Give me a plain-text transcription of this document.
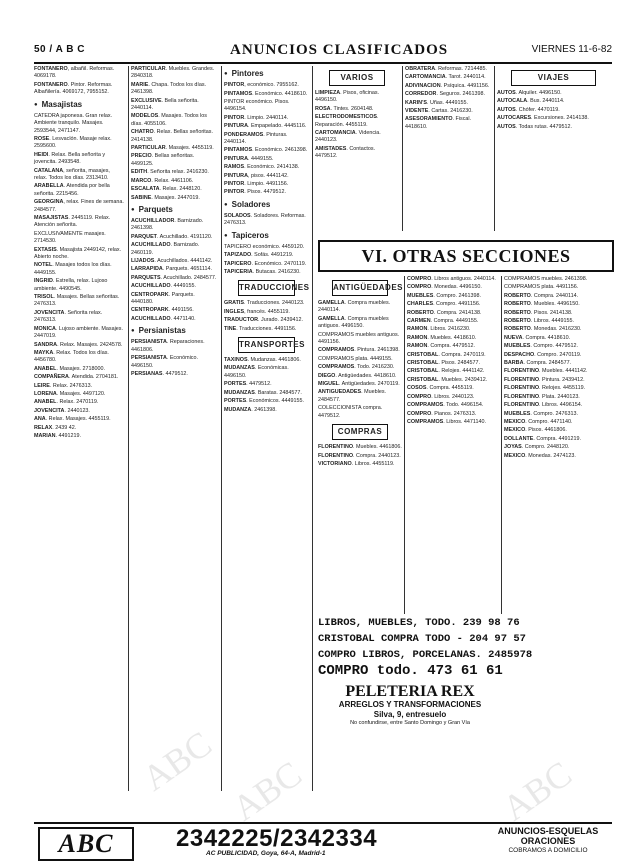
50 / A B C	ANUNCIOS CLASIFICADOS	VIERNES 11-6-82

FONTANERO, albañil. Reformas. 4069178.

FONTANERO. Pintor. Reformas. Albañilería. 4069172, 7955152.

● Masajistas

CATEDRA japonesa. Gran relax. Ambiente tranquilo. Masajes. 2593544, 2471147.

ROSE. Lesvaclón. Masaje relax. 2595600.

HEIDI. Relax. Bella señorita y jovencita. 2493548.

CATALANA, señorita, masajes, relax. Todos los días. 2313410.

ARABELLA. Atendida por bella señorita. 2215456.

GEORGINA, relax. Fines de semana. 2484577.

MASAJISTAS. 2445119. Relax. Atención señorita.

EXCLUSIVAMENTE masajes. 2714530.

EXTASIS. Masajista 2449142, relax. Abierto noche.

NOTEL. Masajes todos los días. 4449155.

INGRID. Estrella, relax. Lujoso ambiente. 4490545.

TRISOL. Masajes. Bellas señoritas. 2476313.

JOVENCITA. Señorita relax. 2476313.

MONICA. Lujoso ambiente. Masajes. 2447019.

SANDRA. Relax. Masajes. 2424578.

MAYKA. Relax. Todos los días. 4456780.

ANABEL. Masajes. 2718000.

COMPAÑERA. Atendida. 2704181.

LEIRE. Relax. 2476313.

LORENA. Masajes. 4497120.

ANABEL. Relax. 2470119.

JOVENCITA. 2440123.

ANA. Relax. Masajes. 4455119.

RELAX. 2439 42.

MARIAN. 4491219.

PARTICULAR. Muebles. Grandes. 2840318.

MARIE. Chapa. Todos los días. 2461398.

EXCLUSIVE. Bella señorita. 2440114.

MODELOS. Masajes. Todos los días. 4055106.

CHATRO. Relax. Bellas señoritas. 2414138.

PARTICULAR. Masajes. 4455119.

PRECIO. Bellas señoritas. 4499125.

EDITH. Señorita relax. 2416230.

MARCO. Relax. 4461106.

ESCALATA. Relax. 2448120.

SABINE. Masajes. 2447019.

● Parquets

ACUCHILLADOR. Barnizado. 2461398.

PARQUET. Acuchillado. 4191120.

ACUCHILLADO. Barnizado. 2460119.

LIJADOS. Acuchillados. 4441142.

LARRAPIDA. Parquets. 4651114.

PARQUETS. Acuchillado. 2484577.

ACUCHILLADO. 4449155.

CENTROPARK. Parquets. 4440180.

CENTROPARK. 4491156.

ACUCHILLADO. 4471140.

● Persianistas

PERSIANISTA. Reparaciones. 4461806.

PERSIANISTA. Económico. 4496150.

PERSIANAS. 4479512.

● Pintores

PINTOR, económico. 7955162.

PINTAMOS. Económico. 4418610.

PINTOR económico. Pisos. 4496154.

PINTOR. Limpio. 2440114.

PINTURA. Empapelado. 4445116.

PONDERAMOS. Pinturas. 2440114.

PINTAMOS. Económico. 2461398.

PINTURA. 4449155.

RAMOS. Económico. 2414138.

PINTURA, pisos. 4441142.

PINTOR. Limpio. 4491156.

PINTOR. Pisos. 4479512.

● Soladores

SOLADOS. Soladores. Reformas. 2476313.

● Tapiceros

TAPICERO económico. 4459120.

TAPIZADO. Sofás. 4491219.

TAPICERO. Económico. 2470119.

TAPICERIA. Butacas. 2416230.

TRADUCCIONES

GRATIS. Traducciones. 2440123.

INGLES, francés. 4455119.

TRADUCTOR. Jurado. 2439412.

TINE. Traducciones. 4491156.

TRANSPORTES

TAXINOS. Mudanzas. 4461806.

MUDANZAS. Económicas. 4496150.

PORTES. 4479512.

MUDANZAS. Baratas. 2484577.

PORTES. Económicos. 4449155.

MUDANZA. 2461398.

VARIOS

LIMPIEZA. Pisos, oficinas. 4496150.

ROSA. Tintes. 2604148.

ELECTRODOMESTICOS. Reparación. 4455119.

CARTOMANCIA. Videncia. 2440123.

AMISTADES. Contactos. 4479512.

OBRATERA. Reformas. 7214485.

CARTOMANCIA. Tarot. 2440114.

ADIVINACION. Psíquica. 4491156.

CORREDOR. Seguros. 2461398.

KARIN'S. Uñas. 4449155.

VIDENTE. Cartas. 2416230.

ASESORAMIENTO. Fiscal. 4418610.

VIAJES

AUTOS. Alquiler. 4496150.

AUTOCALA. Bus. 2440114.

AUTOS. Chófer. 4470119.

AUTOCARES. Excursiones. 2414138.

AUTOS. Todas rutas. 4479512.

VI. OTRAS SECCIONES
ANTIGÜEDADES

GAMELLA. Compra muebles. 2440114.

GAMELLA. Compra muebles antiguos. 4496150.

COMPRAMOS muebles antiguos. 4491156.

COMPRAMOS. Pintura. 2461398.

COMPRAMOS plata. 4449155.

COMPRAMOS. Todo. 2416230.

DIEGO. Antigüedades. 4418610.

MIGUEL. Antigüedades. 2470119.

ANTIGUEDADES. Muebles. 2484577.

COLECCIONISTA compra. 4479512.

COMPRAS

FLORENTINO. Muebles. 4461806.

FLORENTINO. Compra. 2440123.

VICTORIANO. Libros. 4455119.

COMPRO. Libros antiguos. 2440114.

COMPRO. Monedas. 4496150.

MUEBLES. Compro. 2461398.

CHARLES. Compro. 4491156.

ROBERTO. Compra. 2414138.

CARMEN. Compra. 4449155.

RAMON. Libros. 2416230.

RAMON. Muebles. 4418610.

RAMON. Compra. 4479512.

CRISTOBAL. Compra. 2470119.

CRISTOBAL. Pisos. 2484577.

CRISTOBAL. Relojes. 4441142.

CRISTOBAL. Muebles. 2439412.

COSOS. Compra. 4455119.

COMPRO. Libros. 2440123.

COMPRAMOS. Todo. 4496154.

COMPRO. Pianos. 2476313.

COMPRAMOS. Libros. 4471140.

COMPRAMOS muebles. 2461398.

COMPRAMOS plata. 4491156.

ROBERTO. Compra. 2440114.

ROBERTO. Muebles. 4496150.

ROBERTO. Pisos. 2414138.

ROBERTO. Libros. 4449155.

ROBERTO. Monedas. 2416230.

NUEVA. Compra. 4418610.

MUEBLES. Compro. 4479512.

DESPACHO. Compro. 2470119.

BARBA. Compra. 2484577.

FLORENTINO. Muebles. 4441142.

FLORENTINO. Pintura. 2439412.

FLORENTINO. Relojes. 4455119.

FLORENTINO. Plata. 2440123.

FLORENTINO. Libros. 4496154.

MUEBLES. Compro. 2476313.

MEXICO. Compro. 4471140.

MEXICO. Pisos. 4461806.

DOLLANTE. Compra. 4491219.

JOYAS. Compro. 2448120.

MEXICO. Monedas. 2474123.

LIBROS, MUEBLES, TODO. 239 98 76
CRISTOBAL COMPRA TODO - 204 97 57
COMPRO LIBROS, PORCELANAS. 2485978
COMPRO todo. 473 61 61
PELETERIA REX
ARREGLOS Y TRANSFORMACIONES
Silva, 9, entresuelo
No confundirse, entre Santo Domingo y Gran Vía
ABC	2342225/2342334
AC PUBLICIDAD, Goya, 64-A, Madrid-1
ANUNCIOS-ESQUELAS
ORACIONES
COBRAMOS A DOMICILIO
ABC ABC	ABC
